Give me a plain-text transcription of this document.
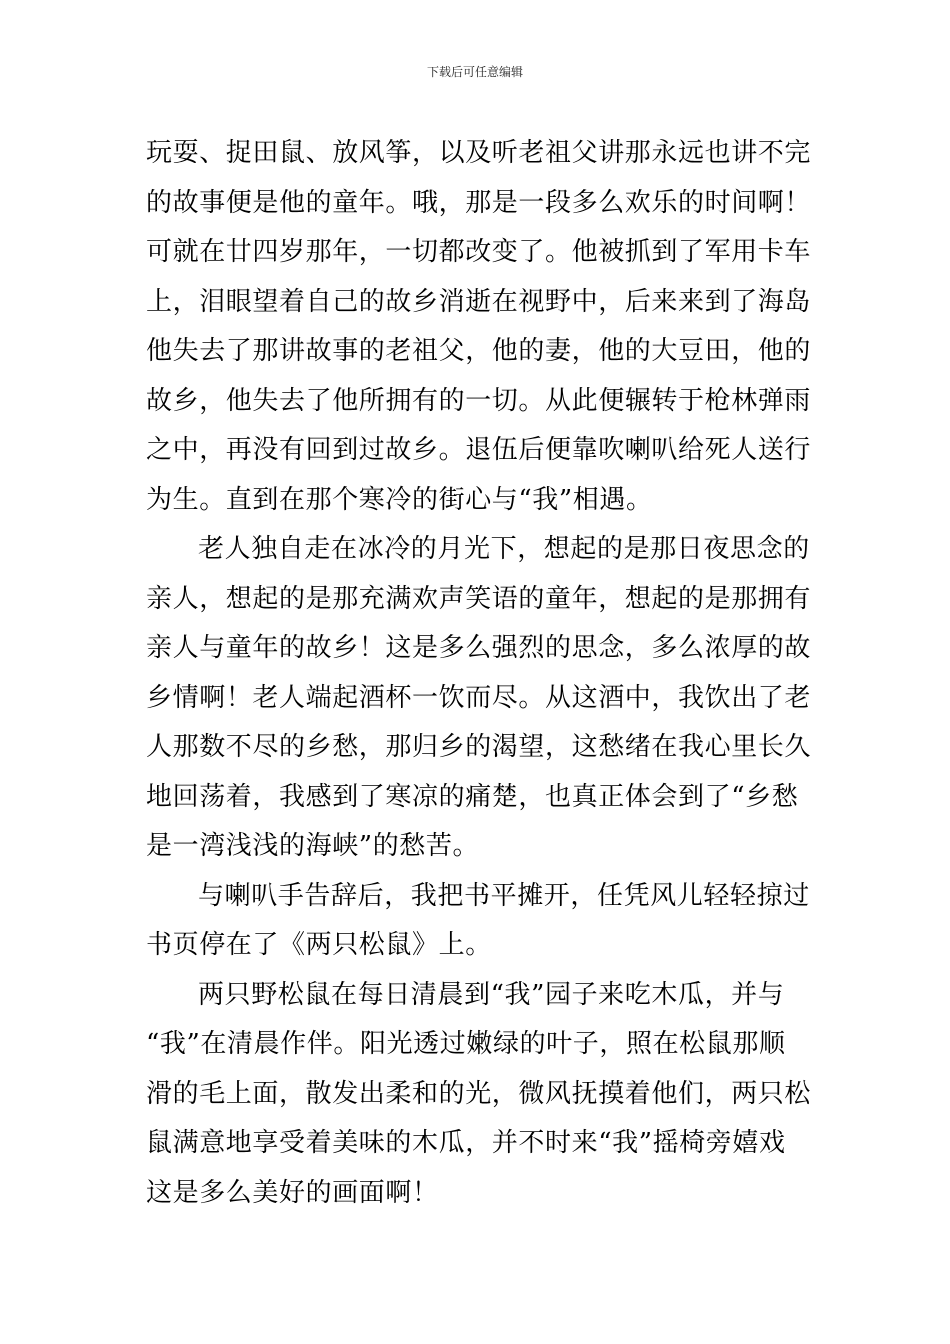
下载后可任意编辑
玩耍、捉田鼠、放风筝，以及听老祖父讲那永远也讲不完
的故事便是他的童年。哦，那是一段多么欢乐的时间啊！
可就在廿四岁那年，一切都改变了。他被抓到了军用卡车
上，泪眼望着自己的故乡消逝在视野中，后来来到了海岛
他失去了那讲故事的老祖父，他的妻，他的大豆田，他的
故乡，他失去了他所拥有的一切。从此便辗转于枪林弹雨
之中，再没有回到过故乡。退伍后便靠吹喇叭给死人送行
为生。直到在那个寒冷的街心与“我”相遇。
老人独自走在冰冷的月光下，想起的是那日夜思念的
亲人，想起的是那充满欢声笑语的童年，想起的是那拥有
亲人与童年的故乡！这是多么强烈的思念，多么浓厚的故
乡情啊！老人端起酒杯一饮而尽。从这酒中，我饮出了老
人那数不尽的乡愁，那归乡的渴望，这愁绪在我心里长久
地回荡着，我感到了寒凉的痛楚，也真正体会到了“乡愁
是一湾浅浅的海峡”的愁苦。
与喇叭手告辞后，我把书平摊开，任凭风儿轻轻掠过
书页停在了《两只松鼠》上。
两只野松鼠在每日清晨到“我”园子来吃木瓜，并与
“我”在清晨作伴。阳光透过嫩绿的叶子，照在松鼠那顺
滑的毛上面，散发出柔和的光，微风抚摸着他们，两只松
鼠满意地享受着美味的木瓜，并不时来“我”摇椅旁嬉戏
这是多么美好的画面啊！
